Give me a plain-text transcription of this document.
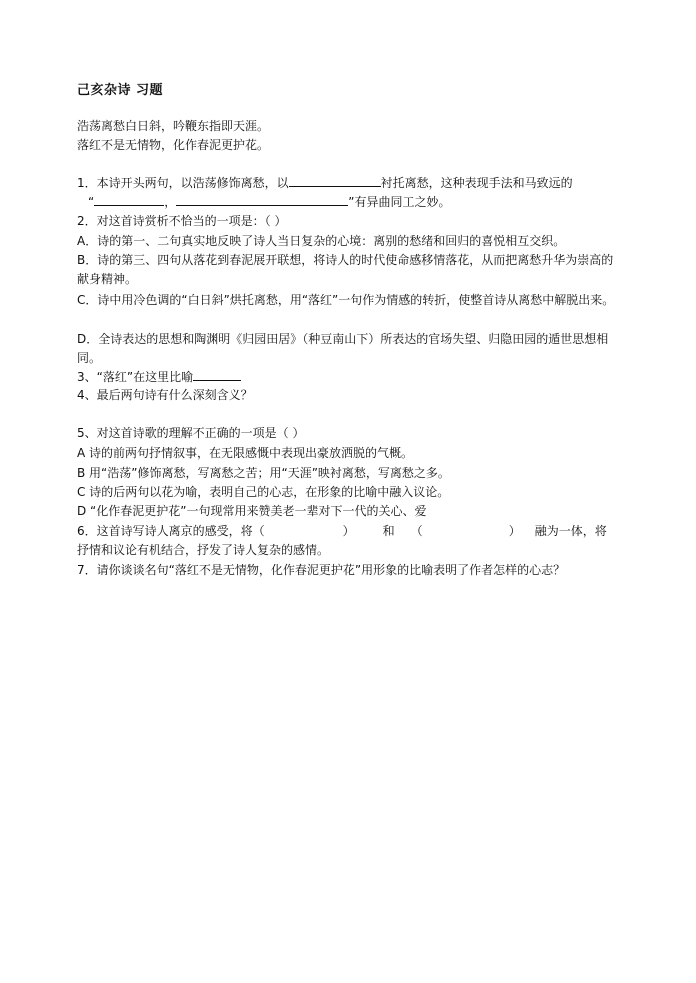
己亥杂诗 习题
浩荡离愁白日斜，吟鞭东指即天涯。
落红不是无情物，化作春泥更护花。
1．本诗开头两句，以浩荡修饰离愁，以	衬托离愁，这种表现手法和马致远的
“	，	”有异曲同工之妙。
2．对这首诗赏析不恰当的一项是：（ ）
A．诗的第一、二句真实地反映了诗人当日复杂的心境：离别的愁绪和回归的喜悦相互交织。
B．诗的第三、四句从落花到春泥展开联想，将诗人的时代使命感移情落花，从而把离愁升华为崇高的献身精神。
C．诗中用冷色调的“白日斜”烘托离愁，用“落红”一句作为情感的转折，使整首诗从离愁中解脱出来。
D．全诗表达的思想和陶渊明《归园田居》（种豆南山下）所表达的官场失望、归隐田园的遁世思想相同。
3、“落红”在这里比喻
4、最后两句诗有什么深刻含义？
5、对这首诗歌的理解不正确的一项是（ ）
A 诗的前两句抒情叙事，在无限感慨中表现出豪放洒脱的气概。
B 用“浩荡”修饰离愁，写离愁之苦；用“天涯”映衬离愁，写离愁之多。
C 诗的后两句以花为喻，表明自己的心志，在形象的比喻中融入议论。
D “化作春泥更护花”一句现常用来赞美老一辈对下一代的关心、爱
6．这首诗写诗人离京的感受，将（	） 和 （	） 融为一体，将
抒情和议论有机结合，抒发了诗人复杂的感情。
7．请你谈谈名句“落红不是无情物，化作春泥更护花”用形象的比喻表明了作者怎样的心志？
